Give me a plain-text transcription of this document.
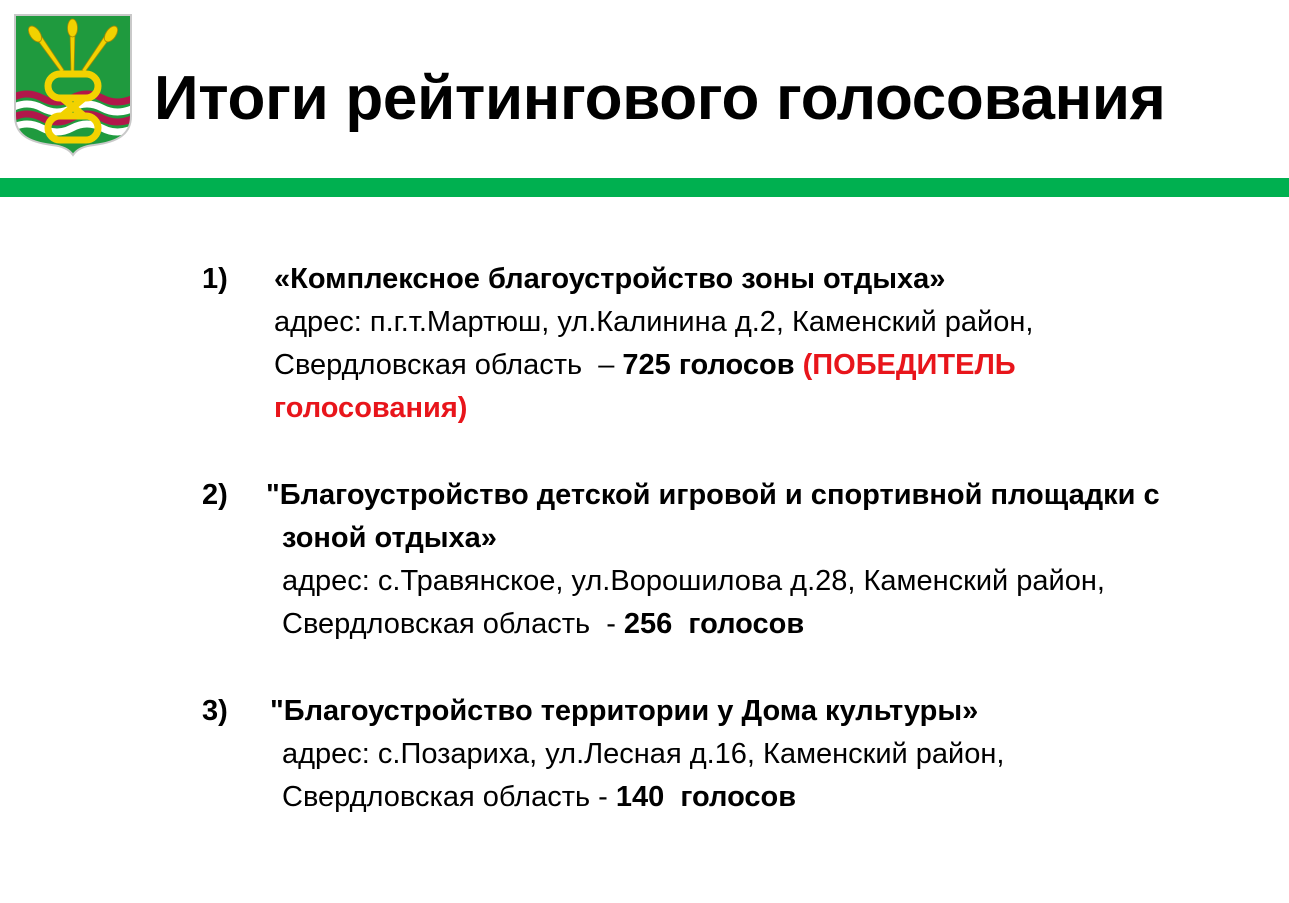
Итоги рейтингового голосования
1) «Комплексное благоустройство зоны отдыха»
адрес: п.г.т.Мартюш, ул.Калинина д.2, Каменский район,
Свердловская область  – 725 голосов (ПОБЕДИТЕЛЬ
голосования)
2) "Благоустройство детской игровой и спортивной площадки с
зоной отдыха»
адрес: с.Травянское, ул.Ворошилова д.28, Каменский район,
Свердловская область  - 256  голосов
3) "Благоустройство территории у Дома культуры»
адрес: с.Позариха, ул.Лесная д.16, Каменский район,
Свердловская область - 140  голосов
